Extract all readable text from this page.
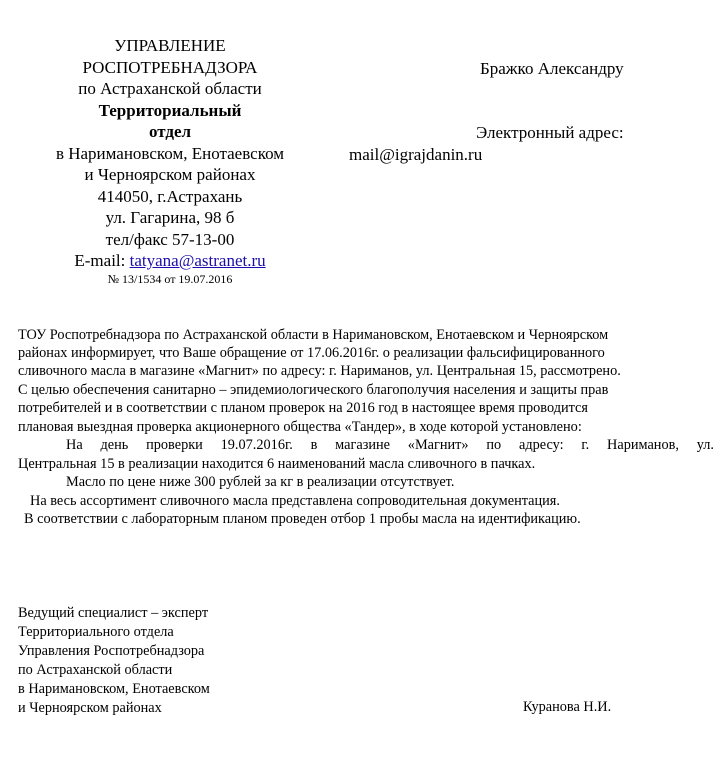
УПРАВЛЕНИЕ
РОСПОТРЕБНАДЗОРА
по Астраханской области
Территориальный
отдел
в Наримановском, Енотаевском
и Черноярском районах
414050, г.Астрахань
ул. Гагарина, 98 б
тел/факс 57-13-00
E-mail: tatyana@astranet.ru
№ 13/1534 от 19.07.2016
Бражко Александру
Электронный адрес:
mail@igrajdanin.ru
ТОУ Роспотребнадзора по Астраханской области в Наримановском, Енотаевском и Черноярском
районах информирует, что Ваше обращение от 17.06.2016г. о реализации фальсифицированного
сливочного масла в магазине «Магнит» по адресу: г. Нариманов, ул. Центральная 15, рассмотрено.
С целью обеспечения санитарно – эпидемиологического благополучия населения и защиты прав
потребителей и в соответствии с планом проверок на 2016 год в настоящее время проводится
плановая выездная проверка акционерного общества «Тандер», в ходе которой установлено:
На день проверки 19.07.2016г. в магазине «Магнит» по адресу: г. Нариманов, ул.
Центральная 15 в реализации находится 6 наименований масла сливочного в пачках.
Масло по цене ниже 300 рублей за кг в реализации отсутствует.
На весь ассортимент сливочного масла представлена сопроводительная документация.
В соответствии с лабораторным планом проведен отбор 1 пробы масла на идентификацию.
Ведущий специалист – эксперт
Территориального отдела
Управления Роспотребнадзора
по Астраханской области
в Наримановском, Енотаевском
и Черноярском районах	Куранова Н.И.
